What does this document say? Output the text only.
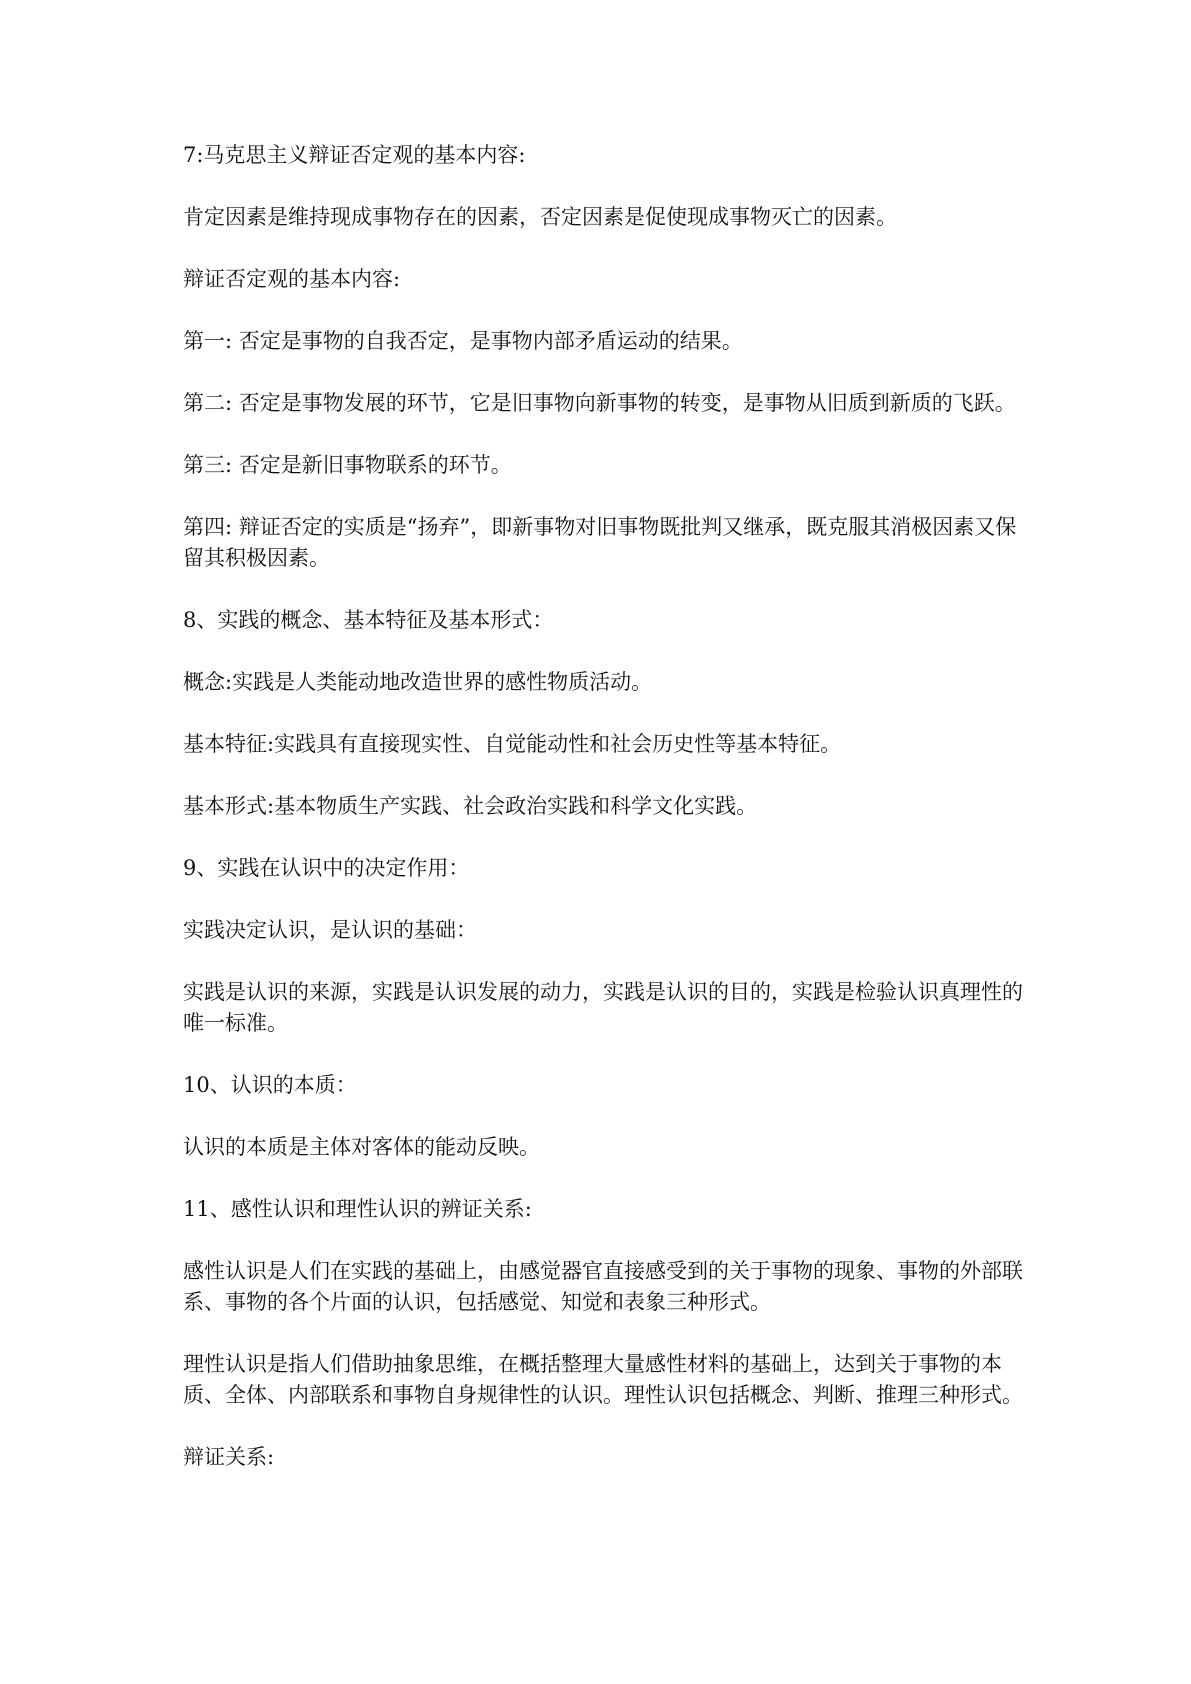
7:马克思主义辩证否定观的基本内容:

肯定因素是维持现成事物存在的因素，否定因素是促使现成事物灭亡的因素。

辩证否定观的基本内容:

第一: 否定是事物的自我否定，是事物内部矛盾运动的结果。

第二: 否定是事物发展的环节，它是旧事物向新事物的转变，是事物从旧质到新质的飞跃。

第三: 否定是新旧事物联系的环节。

第四: 辩证否定的实质是“扬弃”，即新事物对旧事物既批判又继承，既克服其消极因素又保留其积极因素。

8、实践的概念、基本特征及基本形式：

概念:实践是人类能动地改造世界的感性物质活动。

基本特征:实践具有直接现实性、自觉能动性和社会历史性等基本特征。

基本形式:基本物质生产实践、社会政治实践和科学文化实践。

9、实践在认识中的决定作用：

实践决定认识，是认识的基础：

实践是认识的来源，实践是认识发展的动力，实践是认识的目的，实践是检验认识真理性的唯一标准。

10、认识的本质：

认识的本质是主体对客体的能动反映。

11、感性认识和理性认识的辨证关系:

感性认识是人们在实践的基础上，由感觉器官直接感受到的关于事物的现象、事物的外部联系、事物的各个片面的认识，包括感觉、知觉和表象三种形式。

理性认识是指人们借助抽象思维，在概括整理大量感性材料的基础上，达到关于事物的本质、全体、内部联系和事物自身规律性的认识。理性认识包括概念、判断、推理三种形式。

辩证关系:
